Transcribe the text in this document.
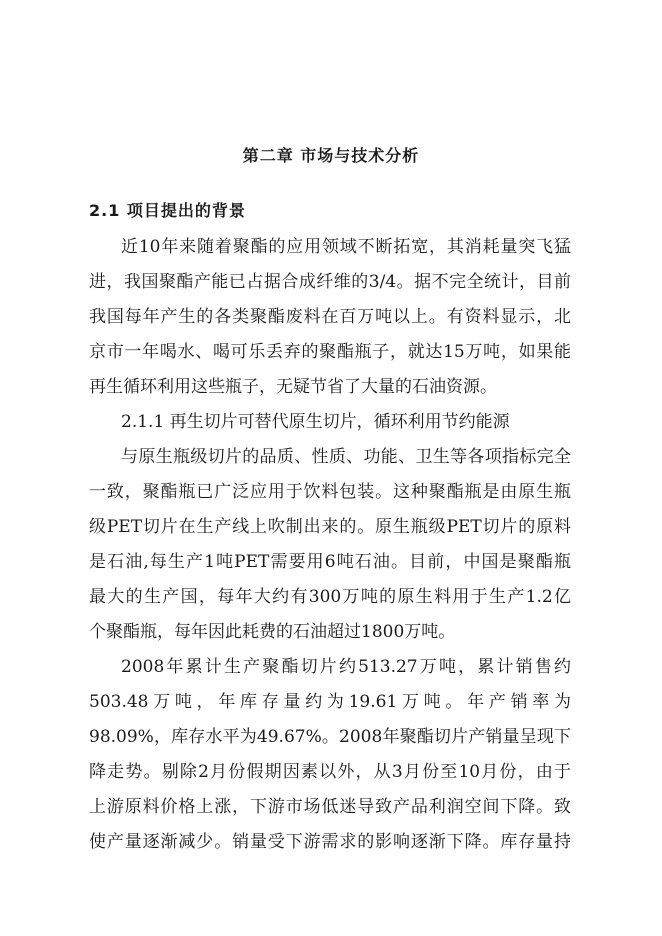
第二章 市场与技术分析
2.1 项目提出的背景
近10年来随着聚酯的应用领域不断拓宽，其消耗量突飞猛
进，我国聚酯产能已占据合成纤维的3/4。据不完全统计，目前
我国每年产生的各类聚酯废料在百万吨以上。有资料显示，北
京市一年喝水、喝可乐丢弃的聚酯瓶子，就达15万吨，如果能
再生循环利用这些瓶子，无疑节省了大量的石油资源。
2.1.1 再生切片可替代原生切片，循环利用节约能源
与原生瓶级切片的品质、性质、功能、卫生等各项指标完全
一致，聚酯瓶已广泛应用于饮料包装。这种聚酯瓶是由原生瓶
级PET切片在生产线上吹制出来的。原生瓶级PET切片的原料
是石油,每生产1吨PET需要用6吨石油。目前，中国是聚酯瓶
最大的生产国，每年大约有300万吨的原生料用于生产1.2亿
个聚酯瓶，每年因此耗费的石油超过1800万吨。
2008年累计生产聚酯切片约513.27万吨，累计销售约
503.48万吨，年库存量约为19.61万吨。年产销率为
98.09%，库存水平为49.67%。2008年聚酯切片产销量呈现下
降走势。剔除2月份假期因素以外，从3月份至10月份，由于
上游原料价格上涨，下游市场低迷导致产品利润空间下降。致
使产量逐渐减少。销量受下游需求的影响逐渐下降。库存量持
